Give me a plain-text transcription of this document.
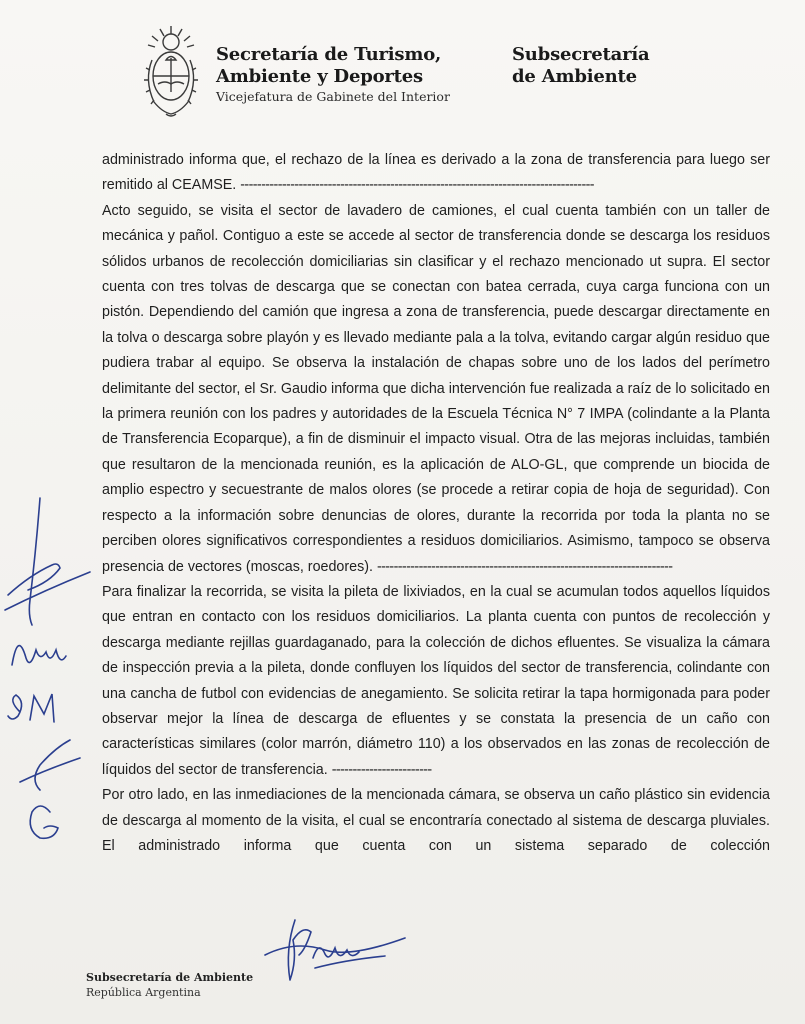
Secretaría de Turismo,
Ambiente y Deportes
Vicejefatura de Gabinete del Interior
Subsecretaría
de Ambiente

administrado informa que, el rechazo de la línea es derivado a la zona de transferencia para luego ser remitido al CEAMSE. -------------------------------------------------------------------------------------

Acto seguido, se visita el sector de lavadero de camiones, el cual cuenta también con un taller de mecánica y pañol. Contiguo a este se accede al sector de transferencia donde se descarga los residuos sólidos urbanos de recolección domiciliarias sin clasificar y el rechazo mencionado ut supra. El sector cuenta con tres tolvas de descarga que se conectan con batea cerrada, cuya carga funciona con un pistón. Dependiendo del camión que ingresa a zona de transferencia, puede descargar directamente en la tolva o descarga sobre playón y es llevado mediante pala a la tolva, evitando cargar algún residuo que pudiera trabar al equipo. Se observa la instalación de chapas sobre uno de los lados del perímetro delimitante del sector, el Sr. Gaudio informa que dicha intervención fue realizada a raíz de lo solicitado en la primera reunión con los padres y autoridades de la Escuela Técnica N° 7 IMPA (colindante a la Planta de Transferencia Ecoparque), a fin de disminuir el impacto visual. Otra de las mejoras incluidas, también que resultaron de la mencionada reunión, es la aplicación de ALO-GL, que comprende un biocida de amplio espectro y secuestrante de malos olores (se procede a retirar copia de hoja de seguridad). Con respecto a la información sobre denuncias de olores, durante la recorrida por toda la planta no se perciben olores significativos correspondientes a residuos domiciliarios. Asimismo, tampoco se observa presencia de vectores (moscas, roedores). -----------------------------------------------------------------------

Para finalizar la recorrida, se visita la pileta de lixiviados, en la cual se acumulan todos aquellos líquidos que entran en contacto con los residuos domiciliarios. La planta cuenta con puntos de recolección y descarga mediante rejillas guardaganado, para la colección de dichos efluentes. Se visualiza la cámara de inspección previa a la pileta, donde confluyen los líquidos del sector de transferencia, colindante con una cancha de futbol con evidencias de anegamiento. Se solicita retirar la tapa hormigonada para poder observar mejor la línea de descarga de efluentes y se constata la presencia de un caño con características similares (color marrón, diámetro 110) a los observados en las zonas de recolección de líquidos del sector de transferencia. ------------------------

Por otro lado, en las inmediaciones de la mencionada cámara, se observa un caño plástico sin evidencia de descarga al momento de la visita, el cual se encontraría conectado al sistema de descarga pluviales. El administrado informa que cuenta con un sistema separado de colección

Subsecretaría de Ambiente
República Argentina
